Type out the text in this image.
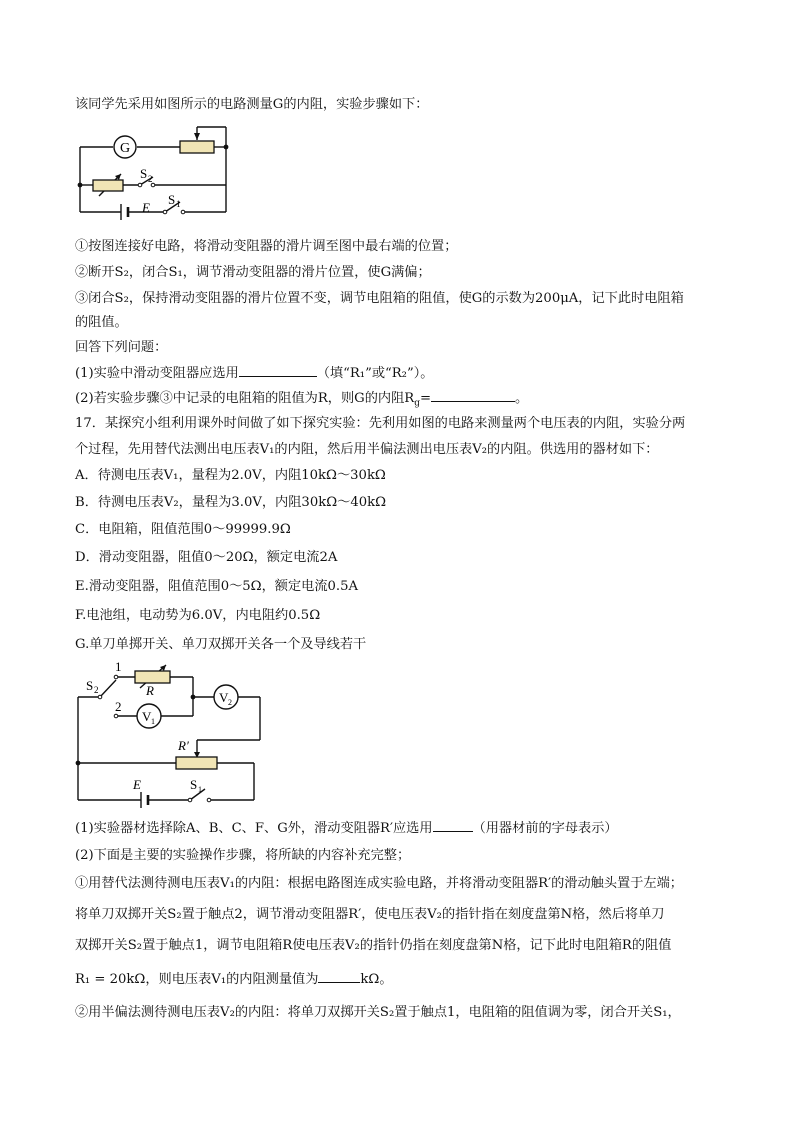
该同学先采用如图所示的电路测量G的内阻，实验步骤如下：
G
S 2
S 1
E
①按图连接好电路，将滑动变阻器的滑片调至图中最右端的位置；
②断开S₂，闭合S₁，调节滑动变阻器的滑片位置，使G满偏；
③闭合S₂，保持滑动变阻器的滑片位置不变，调节电阻箱的阻值，使G的示数为200μA，记下此时电阻箱
的阻值。
回答下列问题：
(1)实验中滑动变阻器应选用	（填“R₁”或“R₂”）。
(2)若实验步骤③中记录的电阻箱的阻值为R，则G的内阻$R_g=$	。
17．某探究小组利用课外时间做了如下探究实验：先利用如图的电路来测量两个电压表的内阻，实验分两
个过程，先用替代法测出电压表V₁的内阻，然后用半偏法测出电压表V₂的内阻。供选用的器材如下：
A．待测电压表V₁，量程为2.0V，内阻10kΩ～30kΩ
B．待测电压表V₂，量程为3.0V，内阻30kΩ～40kΩ
C．电阻箱，阻值范围0～99999.9Ω
D．滑动变阻器，阻值0～20Ω，额定电流2A
E.滑动变阻器，阻值范围0～5Ω，额定电流0.5A
F.电池组，电动势为6.0V，内电阻约0.5Ω
G.单刀单掷开关、单刀双掷开关各一个及导线若干
S 2
1
2
R	V 2
V 1
R′
E	S 1
(1)实验器材选择除A、B、C、F、G外，滑动变阻器R′应选用	（用器材前的字母表示）
(2)下面是主要的实验操作步骤，将所缺的内容补充完整；
①用替代法测待测电压表V₁的内阻：根据电路图连成实验电路，并将滑动变阻器R′的滑动触头置于左端；
将单刀双掷开关S₂置于触点2，调节滑动变阻器R′，使电压表V₂的指针指在刻度盘第N格，然后将单刀
双掷开关S₂置于触点1，调节电阻箱R使电压表V₂的指针仍指在刻度盘第N格，记下此时电阻箱R的阻值
R₁ = 20kΩ，则电压表V₁的内阻测量值为	kΩ。
②用半偏法测待测电压表V₂的内阻：将单刀双掷开关S₂置于触点1，电阻箱的阻值调为零，闭合开关S₁，
